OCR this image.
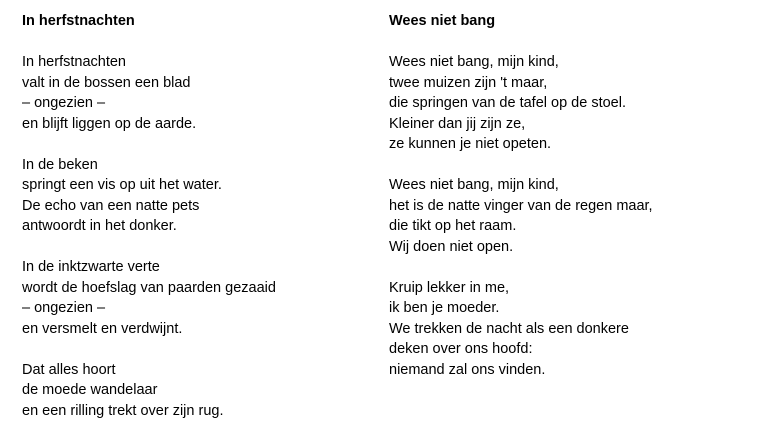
In herfstnachten
In herfstnachten
valt in de bossen een blad
– ongezien –
en blijft liggen op de aarde.
In de beken
springt een vis op uit het water.
De echo van een natte pets
antwoordt in het donker.
In de inktzwarte verte
wordt de hoefslag van paarden gezaaid
– ongezien –
en versmelt en verdwijnt.
Dat alles hoort
de moede wandelaar
en een rilling trekt over zijn rug.
Wees niet bang
Wees niet bang, mijn kind,
twee muizen zijn 't maar,
die springen van de tafel op de stoel.
Kleiner dan jij zijn ze,
ze kunnen je niet opeten.
Wees niet bang, mijn kind,
het is de natte vinger van de regen maar,
die tikt op het raam.
Wij doen niet open.
Kruip lekker in me,
ik ben je moeder.
We trekken de nacht als een donkere
deken over ons hoofd:
niemand zal ons vinden.
